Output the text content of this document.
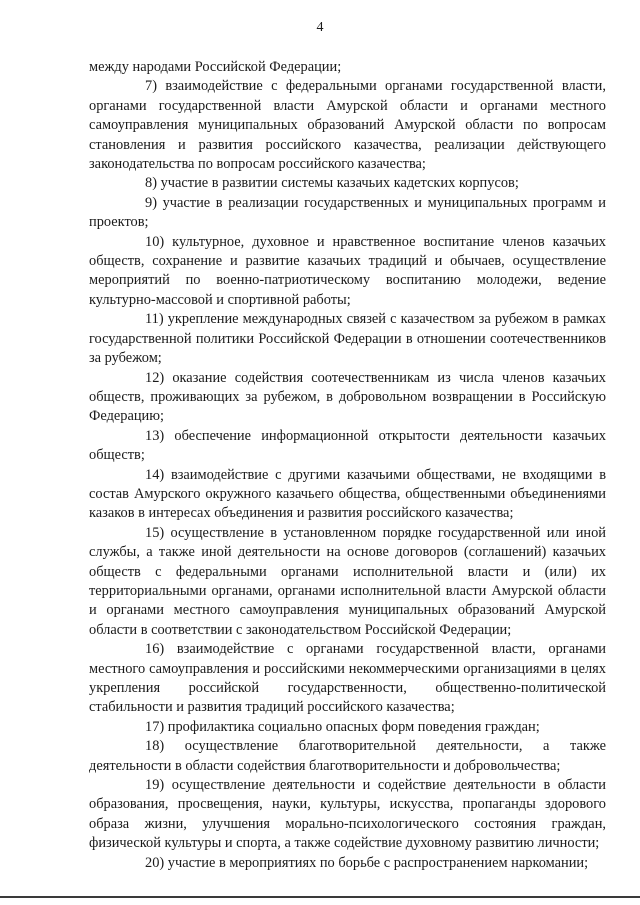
4

между народами Российской Федерации;

7) взаимодействие с федеральными органами государственной власти, органами государственной власти Амурской области и органами местного самоуправления муниципальных образований Амурской области по вопросам становления и развития российского казачества, реализации действующего законодательства по вопросам российского казачества;

8) участие в развитии системы казачьих кадетских корпусов;

9) участие в реализации государственных и муниципальных программ и проектов;

10) культурное, духовное и нравственное воспитание членов казачьих обществ, сохранение и развитие казачьих традиций и обычаев, осуществление мероприятий по военно-патриотическому воспитанию молодежи, ведение культурно-массовой и спортивной работы;

11) укрепление международных связей с казачеством за рубежом в рамках государственной политики Российской Федерации в отношении соотечественников за рубежом;

12) оказание содействия соотечественникам из числа членов казачьих обществ, проживающих за рубежом, в добровольном возвращении в Российскую Федерацию;

13) обеспечение информационной открытости деятельности казачьих обществ;

14) взаимодействие с другими казачьими обществами, не входящими в состав Амурского окружного казачьего общества, общественными объединениями казаков в интересах объединения и развития российского казачества;

15) осуществление в установленном порядке государственной или иной службы, а также иной деятельности на основе договоров (соглашений) казачьих обществ с федеральными органами исполнительной власти и (или) их территориальными органами, органами исполнительной власти Амурской области и органами местного самоуправления муниципальных образований Амурской области в соответствии с законодательством Российской Федерации;

16) взаимодействие с органами государственной власти, органами местного самоуправления и российскими некоммерческими организациями в целях укрепления российской государственности, общественно-политической стабильности и развития традиций российского казачества;

17) профилактика социально опасных форм поведения граждан;

18) осуществление благотворительной деятельности, а также деятельности в области содействия благотворительности и добровольчества;

19) осуществление деятельности и содействие деятельности в области образования, просвещения, науки, культуры, искусства, пропаганды здорового образа жизни, улучшения морально-психологического состояния граждан, физической культуры и спорта, а также содействие духовному развитию личности;

20) участие в мероприятиях по борьбе с распространением наркомании;
